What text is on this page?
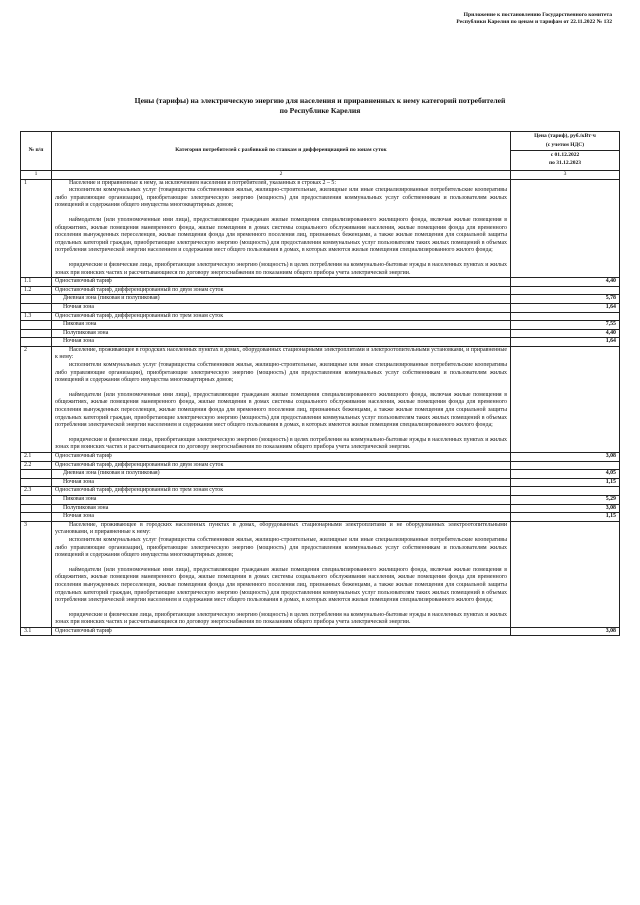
Приложение к постановлению Государственного комитета
Республики Карелия по ценам и тарифам от 22.11.2022 № 132
Цены (тарифы) на электрическую энергию для населения и приравненных к нему категорий потребителей
по Республике Карелия
№ п/п	Категория потребителей с разбивкой по ставкам и дифференциацией по зонам суток	Цена (тариф), руб./кВт·ч
(с учетом НДС)
с 01.12.2022
по 31.12.2023

1	2	3
1	Население и приравненные к нему, за исключением населения и потребителей, указанных в строках 2 – 5:

исполнители коммунальных услуг (товарищества собственников жилья, жилищно-строительные, жилищные или иные специализированные потребительские кооперативы либо управляющие организации), приобретающие электрическую энергию (мощность) для предоставления коммунальных услуг собственникам и пользователям жилых помещений и содержания общего имущества многоквартирных домов;

наймодатели (или уполномоченные ими лица), предоставляющие гражданам жилые помещения специализированного жилищного фонда, включая жилые помещения в общежитиях, жилые помещения маневренного фонда, жилые помещения в домах системы социального обслуживания населения, жилые помещения фонда для временного поселения вынужденных переселенцев, жилые помещения фонда для временного поселения лиц, признанных беженцами, а также жилые помещения для социальной защиты отдельных категорий граждан, приобретающие электрическую энергию (мощность) для предоставления коммунальных услуг пользователям таких жилых помещений в объемах потребления электрической энергии населением и содержания мест общего пользования в домах, в которых имеются жилые помещения специализированного жилого фонда;

юридические и физические лица, приобретающие электрическую энергию (мощность) в целях потребления на коммунально-бытовые нужды в населенных пунктах и жилых зонах при воинских частях и рассчитывающиеся по договору энергоснабжения по показаниям общего прибора учета электрической энергии.	

1.1	Одноставочный тариф	4,40
1.2	Одноставочный тариф, дифференцированный по двум зонам суток	
	Дневная зона (пиковая и полупиковая)	5,78
	Ночная зона	1,64
1.3	Одноставочный тариф, дифференцированный по трем зонам суток	
	Пиковая зона	7,55
	Полупиковая зона	4,40
	Ночная зона	1,64
2	Население, проживающее в городских населенных пунктах в домах, оборудованных стационарными электроплитами и электроотопительными установками, и приравненные к нему:

исполнители коммунальных услуг (товарищества собственников жилья, жилищно-строительные, жилищные или иные специализированные потребительские кооперативы либо управляющие организации), приобретающие электрическую энергию (мощность) для предоставления коммунальных услуг собственникам и пользователям жилых помещений и содержания общего имущества многоквартирных домов;

наймодатели (или уполномоченные ими лица), предоставляющие гражданам жилые помещения специализированного жилищного фонда, включая жилые помещения в общежитиях, жилые помещения маневренного фонда, жилые помещения в домах системы социального обслуживания населения, жилые помещения фонда для временного поселения вынужденных переселенцев, жилые помещения фонда для временного поселения лиц, признанных беженцами, а также жилые помещения для социальной защиты отдельных категорий граждан, приобретающие электрическую энергию (мощность) для предоставления коммунальных услуг пользователям таких жилых помещений в объемах потребления электрической энергии населением и содержания мест общего пользования в домах, в которых имеются жилые помещения специализированного жилого фонда;

юридические и физические лица, приобретающие электрическую энергию (мощность) в целях потребления на коммунально-бытовые нужды в населенных пунктах и жилых зонах при воинских частях и рассчитывающиеся по договору энергоснабжения по показаниям общего прибора учета электрической энергии.	

2.1	Одноставочный тариф	3,08
2.2	Одноставочный тариф, дифференцированный по двум зонам суток	
	Дневная зона (пиковая и полупиковая)	4,05
	Ночная зона	1,15
2.3	Одноставочный тариф, дифференцированный по трем зонам суток	
	Пиковая зона	5,29
	Полупиковая зона	3,08
	Ночная зона	1,15
3	Население, проживающее в городских населенных пунктах в домах, оборудованных стационарными электроплитами и не оборудованных электроотопительными установками, и приравненные к нему:

исполнители коммунальных услуг (товарищества собственников жилья, жилищно-строительные, жилищные или иные специализированные потребительские кооперативы либо управляющие организации), приобретающие электрическую энергию (мощность) для предоставления коммунальных услуг собственникам и пользователям жилых помещений и содержания общего имущества многоквартирных домов;

наймодатели (или уполномоченные ими лица), предоставляющие гражданам жилые помещения специализированного жилищного фонда, включая жилые помещения в общежитиях, жилые помещения маневренного фонда, жилые помещения в домах системы социального обслуживания населения, жилые помещения фонда для временного поселения вынужденных переселенцев, жилые помещения фонда для временного поселения лиц, признанных беженцами, а также жилые помещения для социальной защиты отдельных категорий граждан, приобретающие электрическую энергию (мощность) для предоставления коммунальных услуг пользователям таких жилых помещений в объемах потребления электрической энергии населением и содержания мест общего пользования в домах, в которых имеются жилые помещения специализированного жилого фонда;

юридические и физические лица, приобретающие электрическую энергию (мощность) в целях потребления на коммунально-бытовые нужды в населенных пунктах и жилых зонах при воинских частях и рассчитывающиеся по договору энергоснабжения по показаниям общего прибора учета электрической энергии.	

3.1	Одноставочный тариф	3,08
